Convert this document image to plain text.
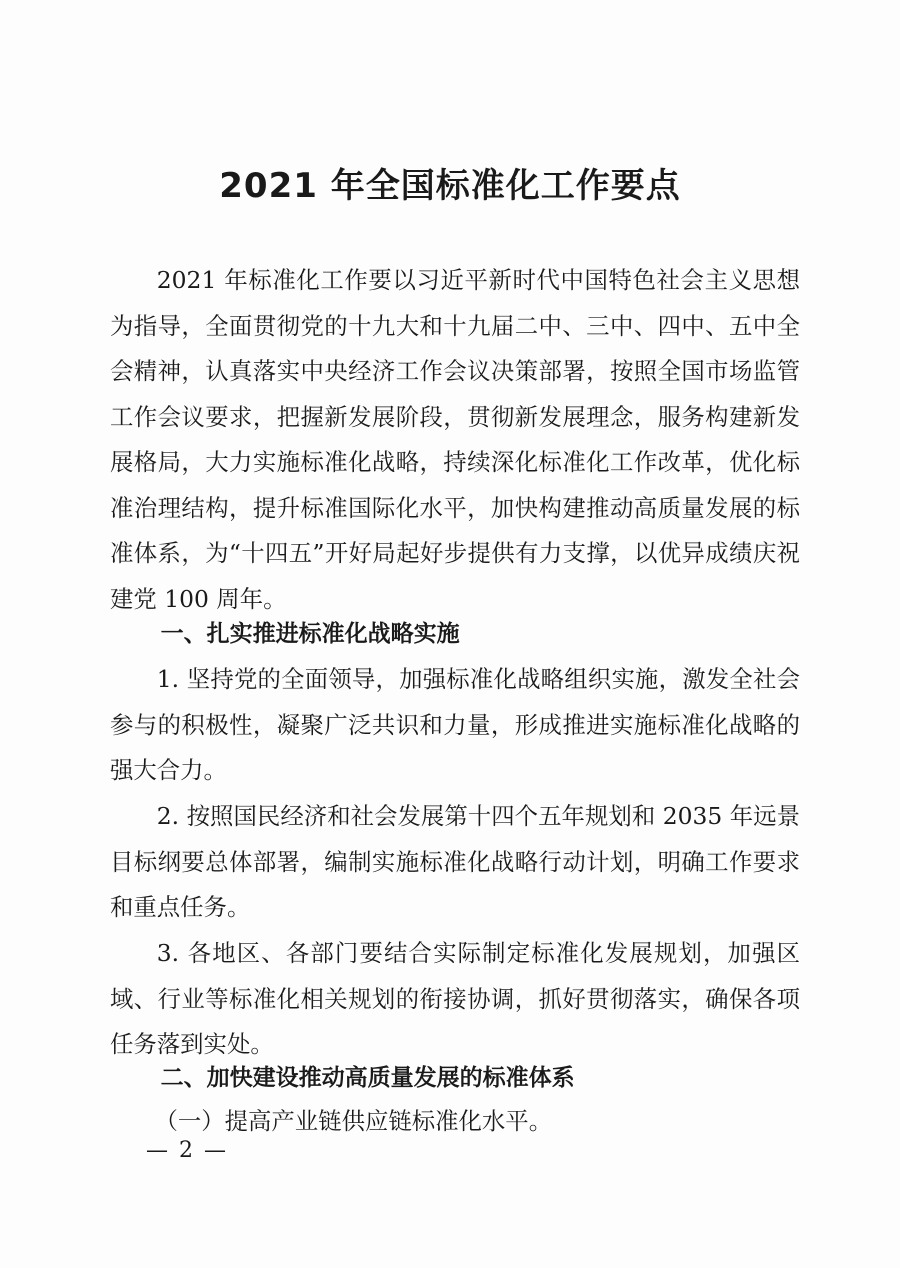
2021 年全国标准化工作要点

2021 年标准化工作要以习近平新时代中国特色社会主义思想为指导，全面贯彻党的十九大和十九届二中、三中、四中、五中全会精神，认真落实中央经济工作会议决策部署，按照全国市场监管工作会议要求，把握新发展阶段，贯彻新发展理念，服务构建新发展格局，大力实施标准化战略，持续深化标准化工作改革，优化标准治理结构，提升标准国际化水平，加快构建推动高质量发展的标准体系，为“十四五”开好局起好步提供有力支撑，以优异成绩庆祝建党 100 周年。

一、扎实推进标准化战略实施

1. 坚持党的全面领导，加强标准化战略组织实施，激发全社会参与的积极性，凝聚广泛共识和力量，形成推进实施标准化战略的强大合力。

2. 按照国民经济和社会发展第十四个五年规划和 2035 年远景目标纲要总体部署，编制实施标准化战略行动计划，明确工作要求和重点任务。

3. 各地区、各部门要结合实际制定标准化发展规划，加强区域、行业等标准化相关规划的衔接协调，抓好贯彻落实，确保各项任务落到实处。

二、加快建设推动高质量发展的标准体系

（一）提高产业链供应链标准化水平。

— 2 —
